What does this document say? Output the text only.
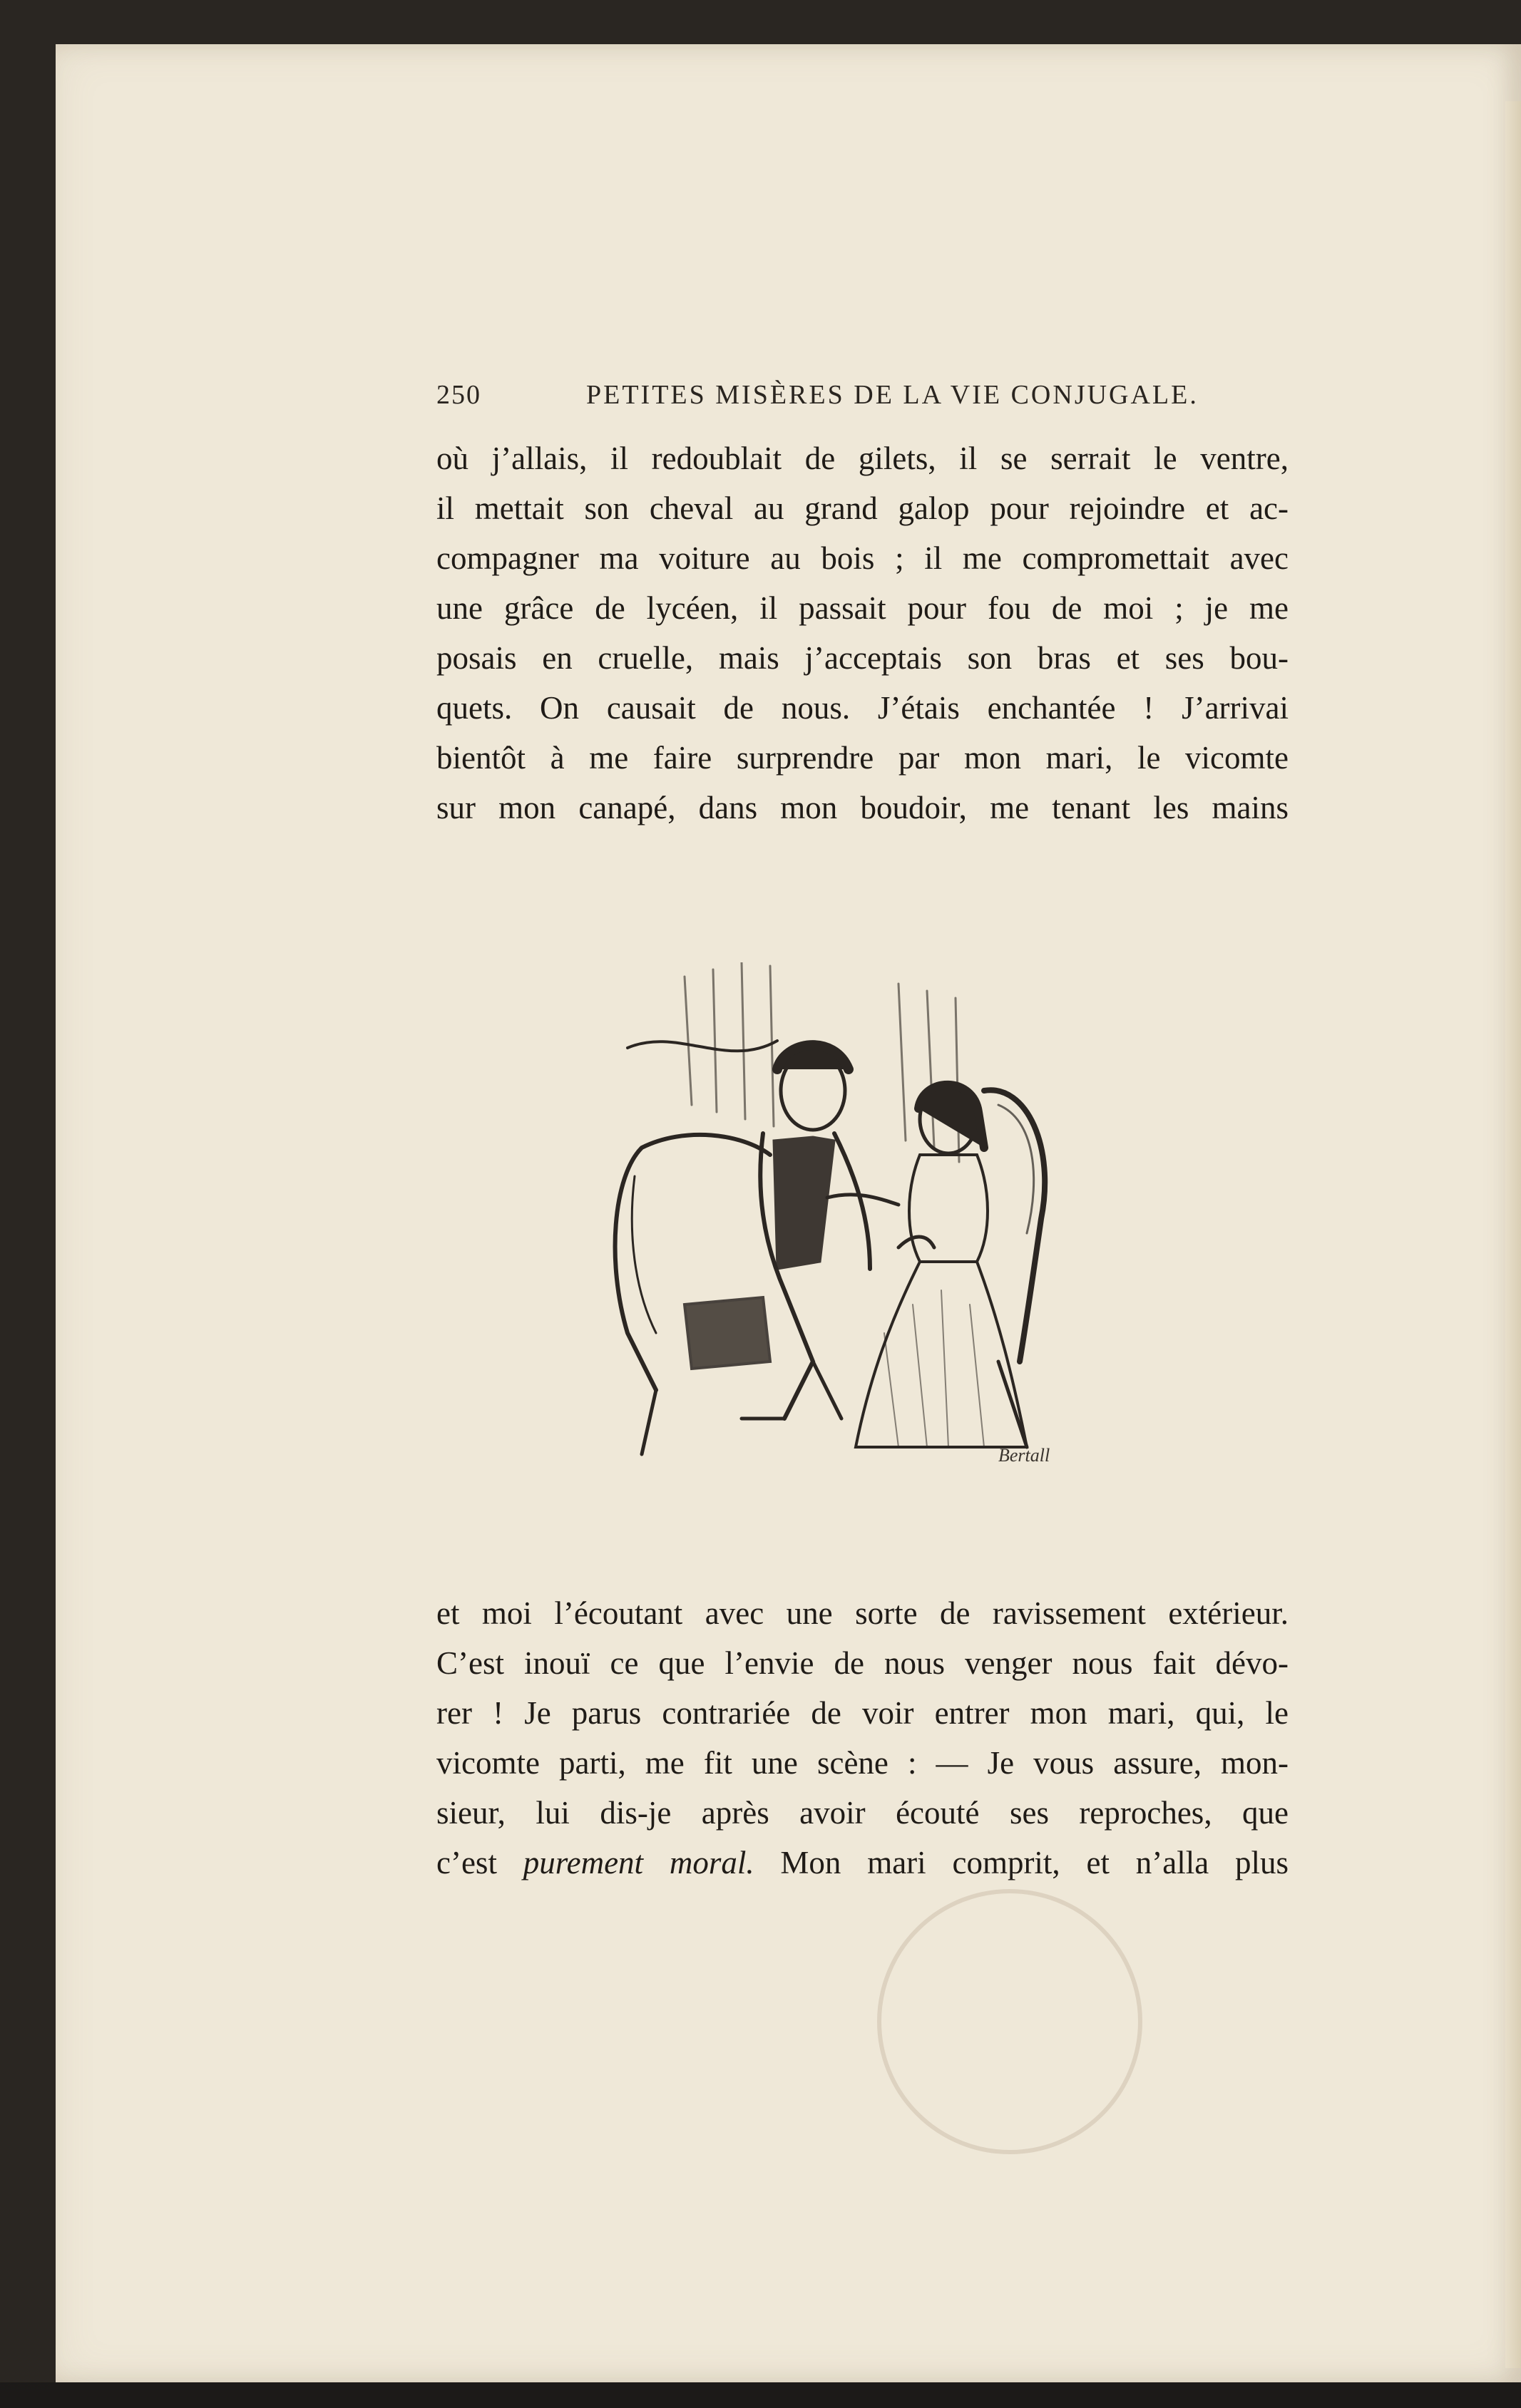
250	PETITES MISÈRES DE LA VIE CONJUGALE.
où j’allais, il redoublait de gilets, il se serrait le ventre,
il mettait son cheval au grand galop pour rejoindre et ac-
compagner ma voiture au bois ; il me compromettait avec
une grâce de lycéen, il passait pour fou de moi ; je me
posais en cruelle, mais j’acceptais son bras et ses bou-
quets. On causait de nous. J’étais enchantée ! J’arrivai
bientôt à me faire surprendre par mon mari, le vicomte
sur mon canapé, dans mon boudoir, me tenant les mains
Bertall
et moi l’écoutant avec une sorte de ravissement extérieur.
C’est inouï ce que l’envie de nous venger nous fait dévo-
rer ! Je parus contrariée de voir entrer mon mari, qui, le
vicomte parti, me fit une scène : — Je vous assure, mon-
sieur, lui dis-je après avoir écouté ses reproches, que
c’est purement moral. Mon mari comprit, et n’alla plus
